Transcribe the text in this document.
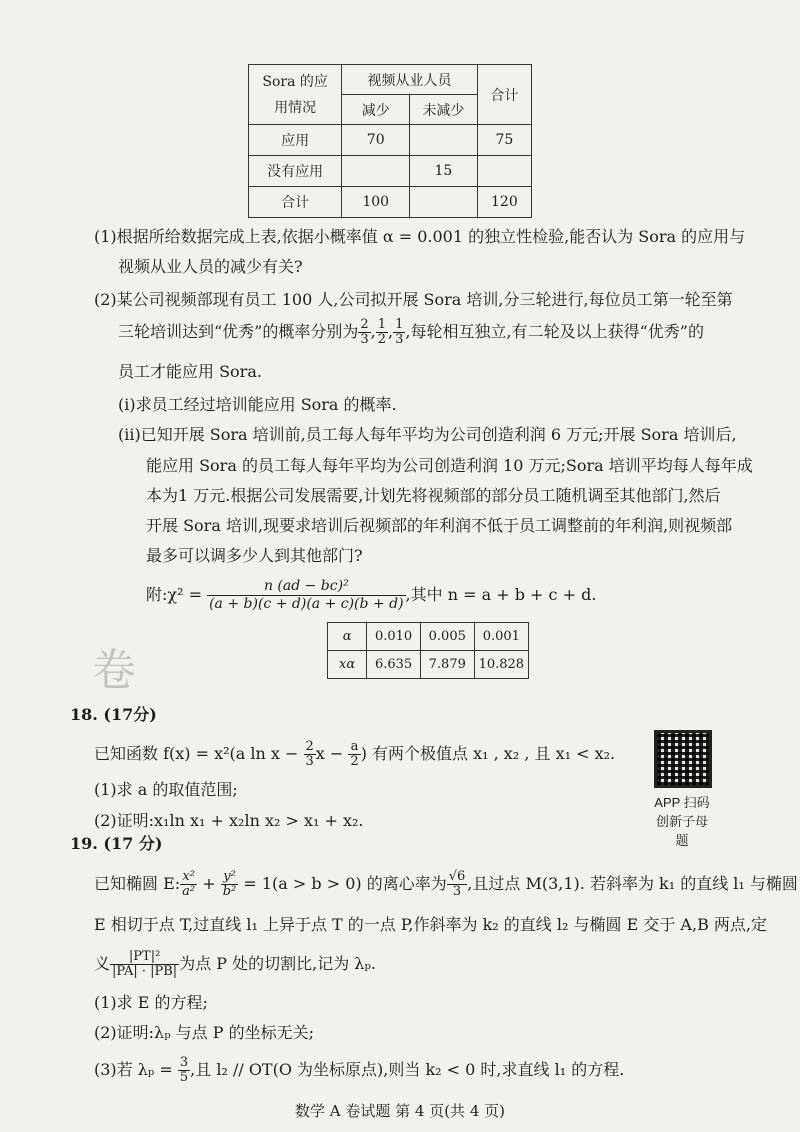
Sora 的应
用情况	视频从业人员		合计
	减少	未减少	
应用	70		75
没有应用		15	
合计	100		120
(1)根据所给数据完成上表,依据小概率值 α = 0.001 的独立性检验,能否认为 Sora 的应用与
视频从业人员的减少有关?
(2)某公司视频部现有员工 100 人,公司拟开展 Sora 培训,分三轮进行,每位员工第一轮至第
三轮培训达到“优秀”的概率分别为 $\frac{2}{3}$ , $\frac{1}{2}$ , $\frac{1}{3}$ ,每轮相互独立,有二轮及以上获得“优秀”的
员工才能应用 Sora.
(i)求员工经过培训能应用 Sora 的概率.
(ii)已知开展 Sora 培训前,员工每人每年平均为公司创造利润 6 万元;开展 Sora 培训后,
能应用 Sora 的员工每人每年平均为公司创造利润 10 万元;Sora 培训平均每人每年成
本为1 万元.根据公司发展需要,计划先将视频部的部分员工随机调至其他部门,然后
开展 Sora 培训,现要求培训后视频部的年利润不低于员工调整前的年利润,则视频部
最多可以调多少人到其他部门?
附:χ² = $\frac{\text{n (ad − bc)²}}{(a + b)(c + d)(a + c)(b + d)}$ ,其中 n = a + b + c + d.
α	0.010	0.005	0.001
xα	6.635	7.879	10.828
卷
18. (17分)
已知函数 f(x) = x²(a $\ln x - \frac{2}{3}$ $x - \frac{a}{2}$ ) 有两个极值点 x₁ , x₂ , 且 x₁ < x₂.
(1)求 a 的取值范围;
(2)证明:x₁ln x₁ + x₂ln x₂ > x₁ + x₂.
APP 扫码
创新子母题
19. (17 分)
已知椭圆 E: $\frac{\text{x²}}{\text{a²}} + \frac{\text{y²}}{\text{b²}} = 1(a > b > 0)$ 的离心率为 $\frac{√6}{3}$ ,且过点 M(3,1). 若斜率为 k₁ 的直线 l₁ 与椭圆
E 相切于点 T,过直线 l₁ 上异于点 T 的一点 P,作斜率为 k₂ 的直线 l₂ 与椭圆 E 交于 A,B 两点,定
义 $\frac{\text{|PT|²}}{|PA| \cdot |PB|}$ 为点 P 处的切割比,记为 λₚ.
(1)求 E 的方程;
(2)证明:λₚ 与点 P 的坐标无关;
(3)若 $\lambda_p = \frac{3}{5}$ ,且 l₂ // OT(O 为坐标原点),则当 k₂ < 0 时,求直线 l₁ 的方程.
数学 A 卷试题 第 4 页(共 4 页)
